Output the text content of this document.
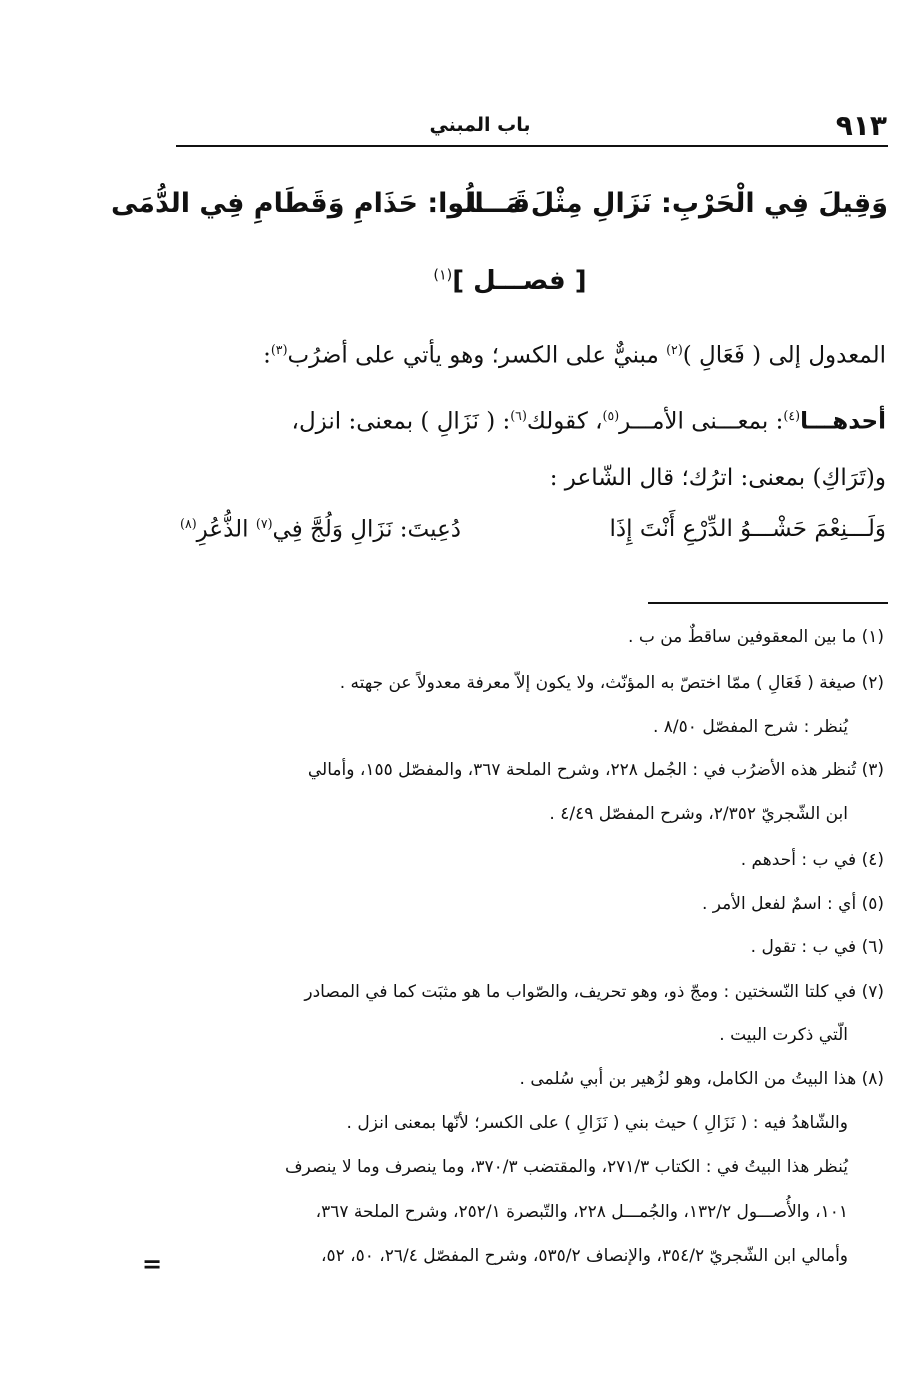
٩١٣
باب المبني
وَقِيلَ فِي الْحَرْبِ: نَزَالِ مِثْلَ مَـــا
قَـــالُوا: حَذَامِ وَقَطَامِ فِي الدُّمَى
[ فصـــل ]$^{(١)}$
المعدول إلى ( فَعَالِ )$^{(٢)}$ مبنيٌّ على الكسر؛ وهو يأتي على أضرُب$^{(٣)}$:
أحدهـــا$^{(٤)}$: بمعـــنى الأمـــر$^{(٥)}$، كقولك$^{(٦)}$: ( نَزَالِ ) بمعنى: انزل،
و(تَرَاكِ) بمعنى: اترُك؛ قال الشّاعر :
وَلَـــنِعْمَ حَشْـــوُ الدِّرْعِ أَنْتَ إِذَا
دُعِيتَ: نَزَالِ وَلُجَّ فِي$^{(٧)}$ الذُّعُرِ$^{(٨)}$
(١) ما بين المعقوفين ساقطٌ من ب .
(٢) صيغة ( فَعَالِ ) ممّا اختصّ به المؤنّث، ولا يكون إلاّ معرفة معدولاً عن جهته .
يُنظر : شرح المفصّل ٨/٥٠ .
(٣) تُنظر هذه الأضرُب في : الجُمل ٢٢٨، وشرح الملحة ٣٦٧، والمفصّل ١٥٥، وأمالي
ابن الشّجريّ ٢/٣٥٢، وشرح المفصّل ٤/٤٩ .
(٤) في ب : أحدهم .
(٥) أي : اسمٌ لفعل الأمر .
(٦) في ب : تقول .
(٧) في كلتا النّسختين : ومجّ ذو، وهو تحريف، والصّواب ما هو مثبَت كما في المصادر
الّتي ذكرت البيت .
(٨) هذا البيتُ من الكامل، وهو لزُهير بن أبي سُلمى .
والشّاهدُ فيه : ( نَزَالِ ) حيث بني ( نَزَالِ ) على الكسر؛ لأنّها بمعنى انزل .
يُنظر هذا البيتُ في : الكتاب ٢٧١/٣، والمقتضب ٣٧٠/٣، وما ينصرف وما لا ينصرف
١٠١، والأُصـــول ١٣٢/٢، والجُمـــل ٢٢٨، والتّبصرة ٢٥٢/١، وشرح الملحة ٣٦٧،
وأمالي ابن الشّجريّ ٣٥٤/٢، والإنصاف ٥٣٥/٢، وشرح المفصّل ٢٦/٤، ٥٠، ٥٢،
=
